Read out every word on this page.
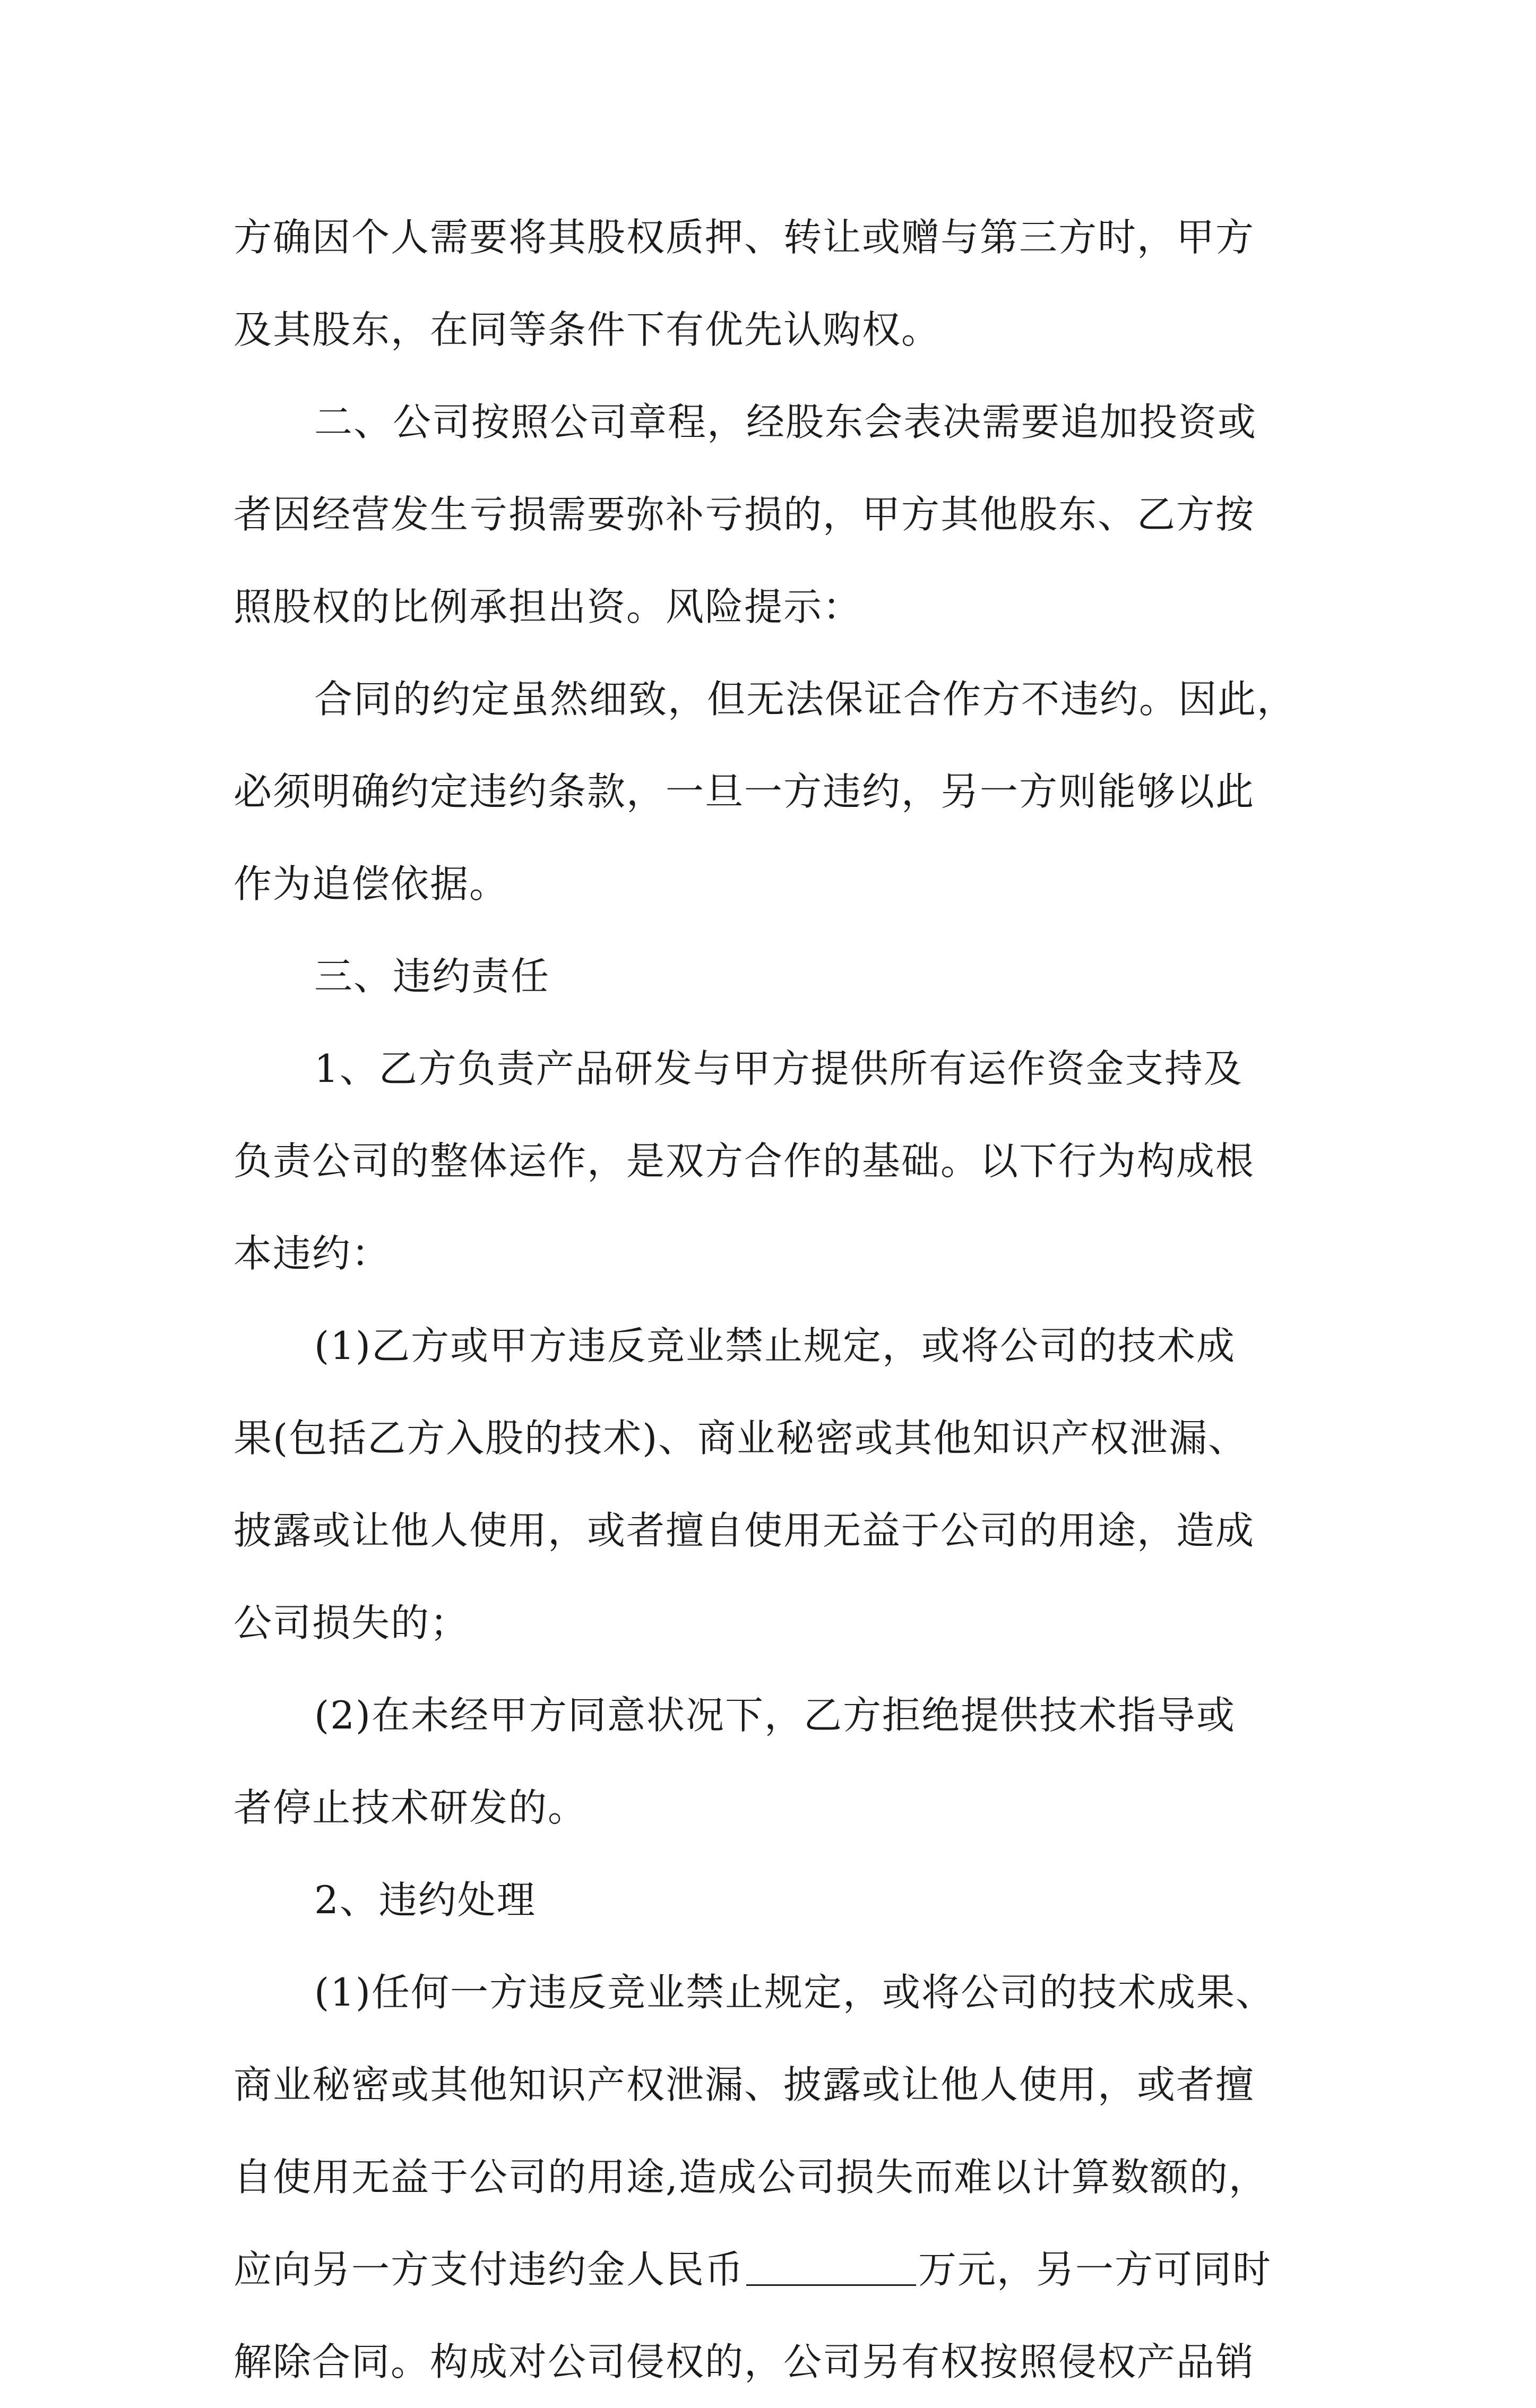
方确因个人需要将其股权质押、转让或赠与第三方时，甲方
及其股东，在同等条件下有优先认购权。
二、公司按照公司章程，经股东会表决需要追加投资或
者因经营发生亏损需要弥补亏损的，甲方其他股东、乙方按
照股权的比例承担出资。风险提示：
合同的约定虽然细致，但无法保证合作方不违约。因此，
必须明确约定违约条款，一旦一方违约，另一方则能够以此
作为追偿依据。
三、违约责任
1、乙方负责产品研发与甲方提供所有运作资金支持及
负责公司的整体运作，是双方合作的基础。以下行为构成根
本违约：
(1)乙方或甲方违反竞业禁止规定，或将公司的技术成
果(包括乙方入股的技术)、商业秘密或其他知识产权泄漏、
披露或让他人使用，或者擅自使用无益于公司的用途，造成
公司损失的；
(2)在未经甲方同意状况下，乙方拒绝提供技术指导或
者停止技术研发的。
2、违约处理
(1)任何一方违反竞业禁止规定，或将公司的技术成果、
商业秘密或其他知识产权泄漏、披露或让他人使用，或者擅
自使用无益于公司的用途,造成公司损失而难以计算数额的，
应向另一方支付违约金人民币	万元，另一方可同时
解除合同。构成对公司侵权的，公司另有权按照侵权产品销
